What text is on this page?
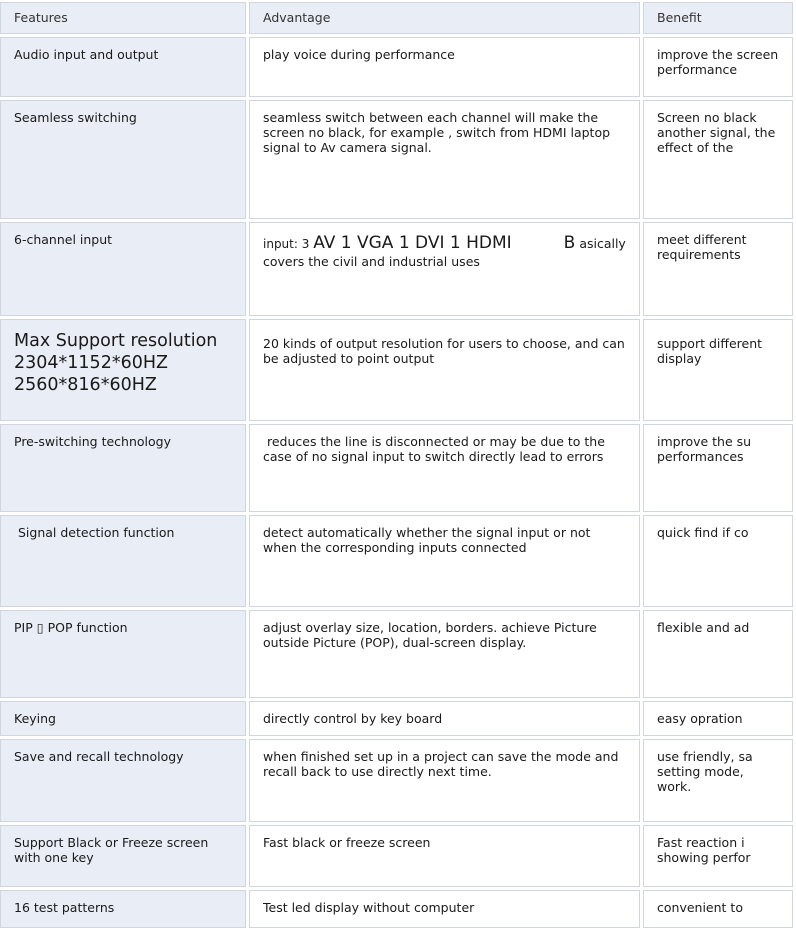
Features	Advantage	Benefit
Audio input and output	play voice during performance	improve the screen performance
Seamless switching	seamless switch between each channel will make the screen no black, for example , switch from HDMI laptop signal to Av camera signal.	Screen no black another signal, the effect of the
6-channel input	input: 3 AV 1 VGA 1 DVI 1 HDMI B asically covers the civil and industrial uses	meet different requirements

Max Support resolution
2304*1152*60HZ
2560*816*60HZ	20 kinds of output resolution for users to choose, and can be adjusted to point output	support different display
Pre-switching technology	reduces the line is disconnected or may be due to the case of no signal input to switch directly lead to errors	improve the su performances
Signal detection function	detect automatically whether the signal input or not when the corresponding inputs connected	quick find if co
PIP ▯ POP function	adjust overlay size, location, borders. achieve Picture outside Picture (POP), dual-screen display.	flexible and ad
Keying	directly control by key board	easy opration
Save and recall technology	when finished set up in a project can save the mode and recall back to use directly next time.	use friendly, sa setting mode, work.
Support Black or Freeze screen with one key	Fast black or freeze screen	Fast reaction i showing perfor
16 test patterns	Test led display without computer	convenient to
